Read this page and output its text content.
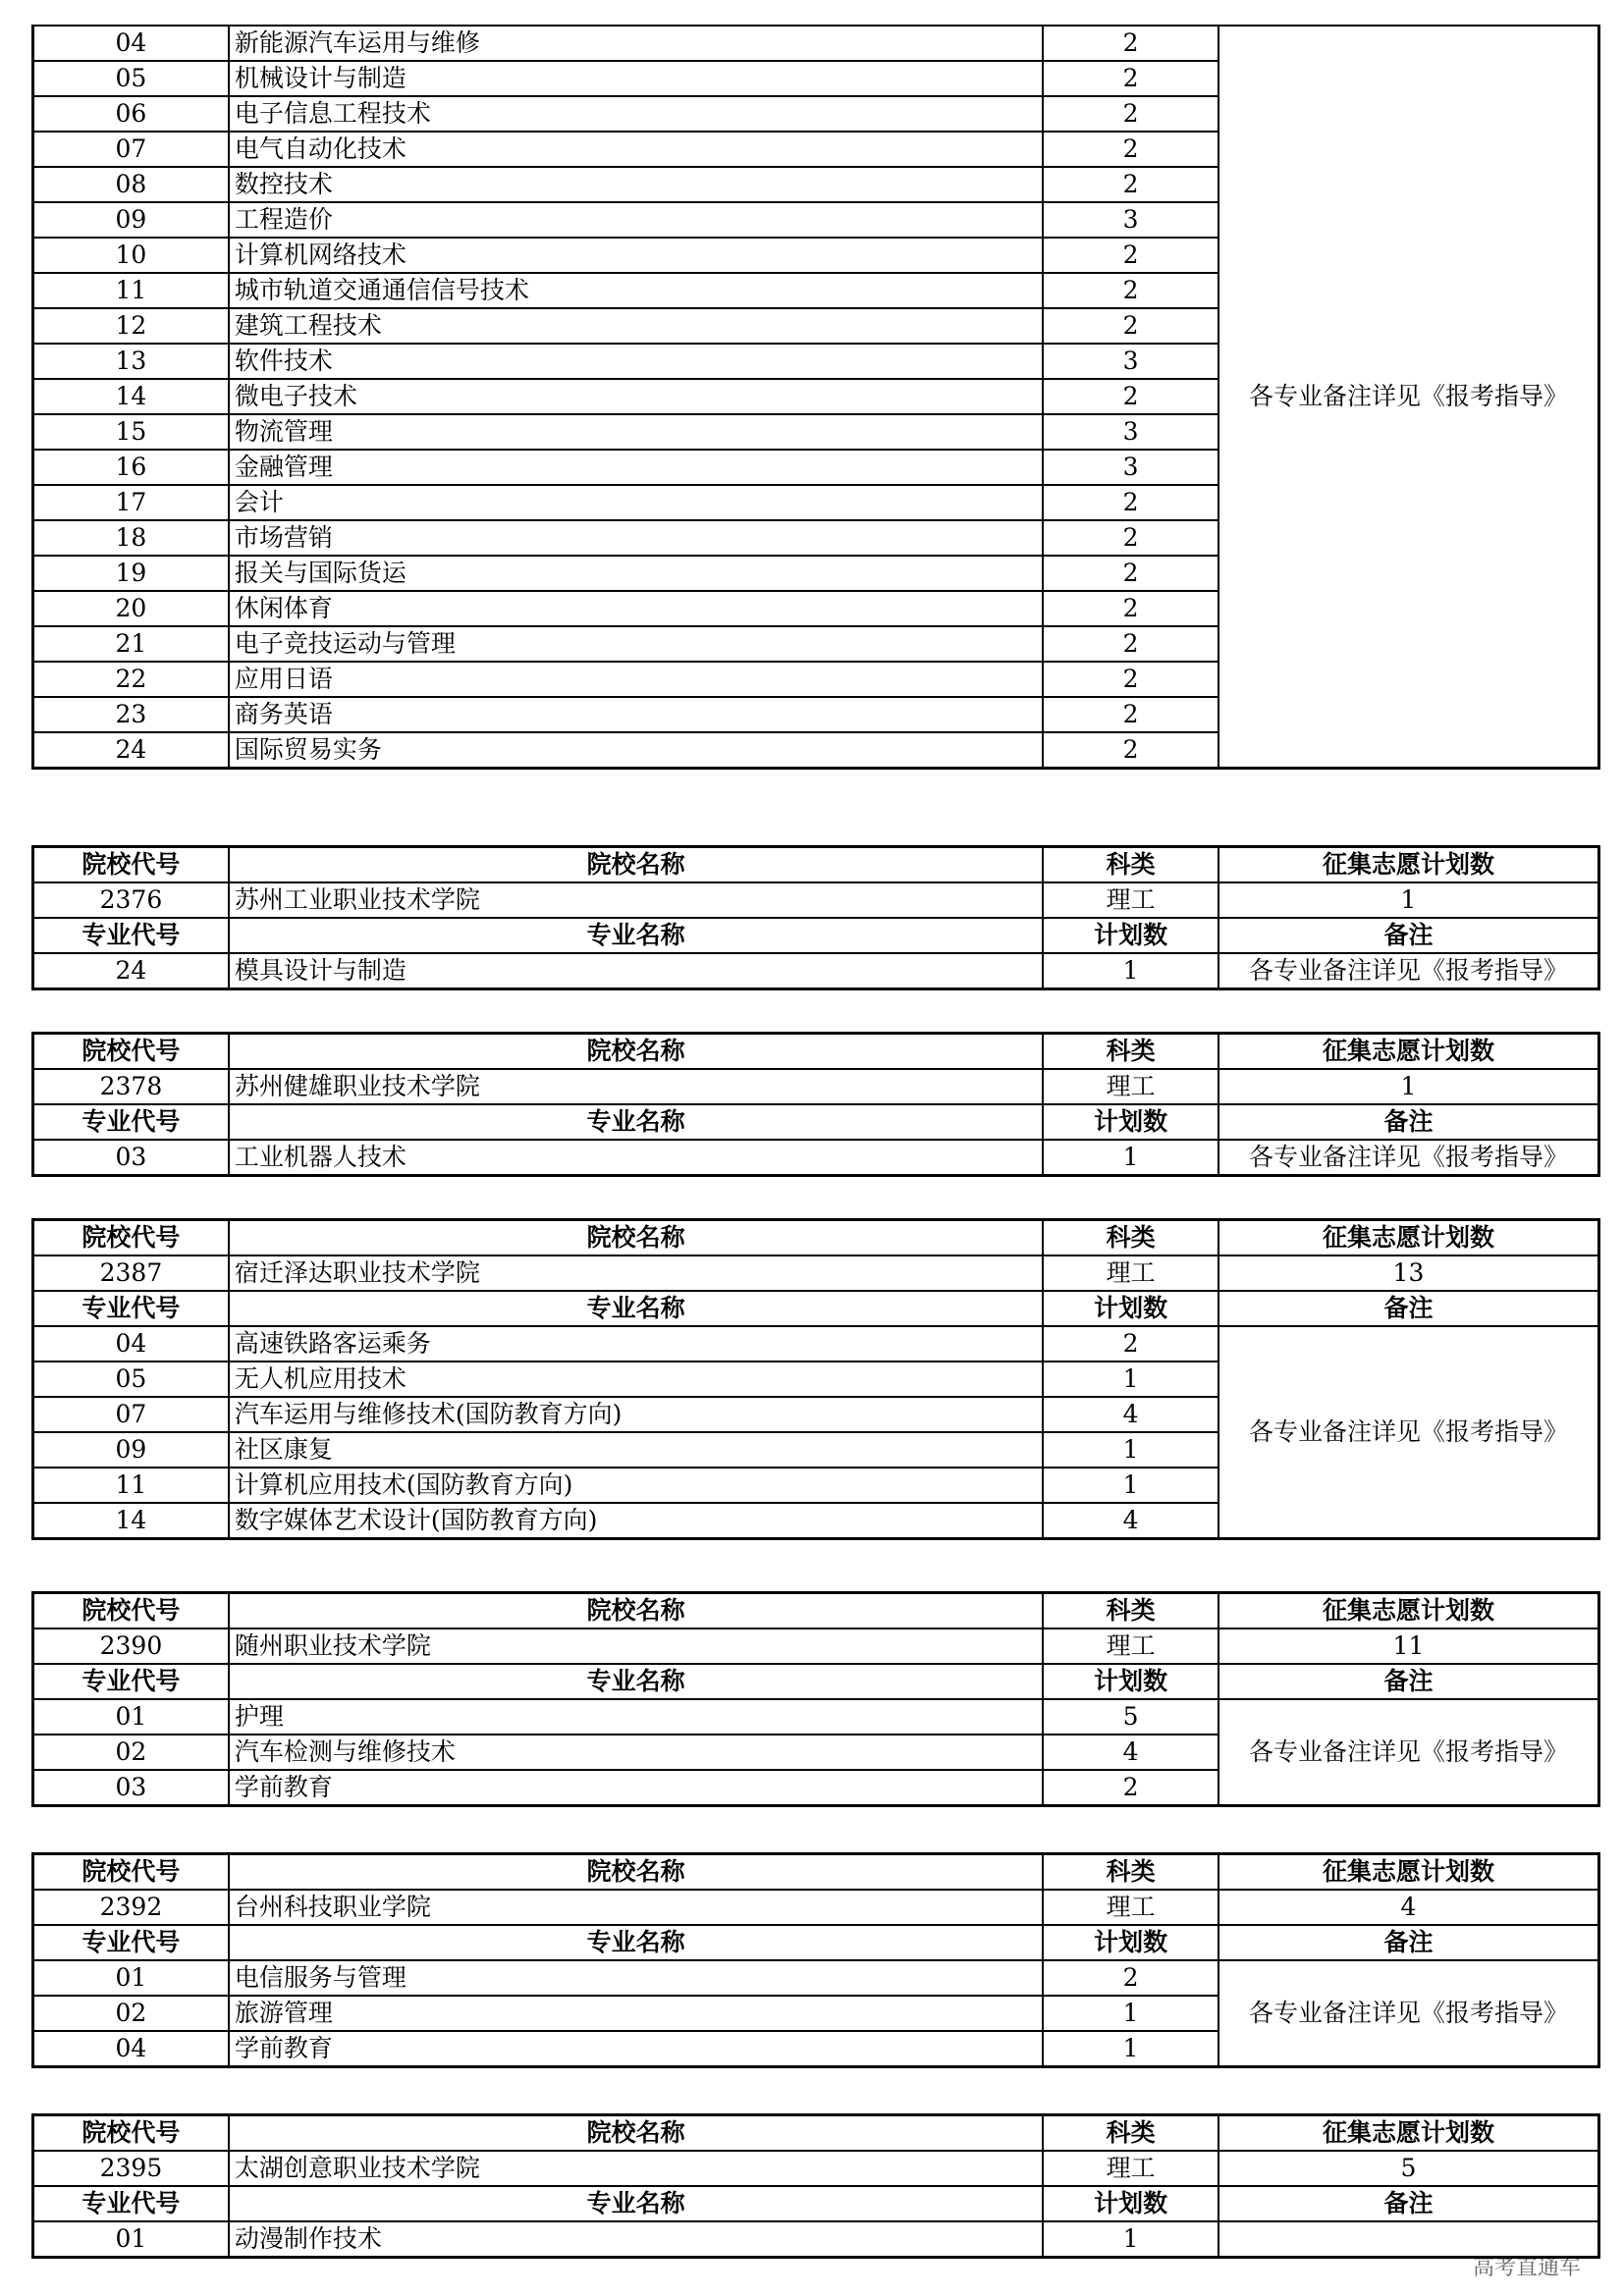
高考直通车
04	新能源汽车运用与维修	2	各专业备注详见《报考指导》
05	机械设计与制造	2	
06	电子信息工程技术	2	
07	电气自动化技术	2	
08	数控技术	2	
09	工程造价	3	
10	计算机网络技术	2	
11	城市轨道交通通信信号技术	2	
12	建筑工程技术	2	
13	软件技术	3	
14	微电子技术	2	
15	物流管理	3	
16	金融管理	3	
17	会计	2	
18	市场营销	2	
19	报关与国际货运	2	
20	休闲体育	2	
21	电子竞技运动与管理	2	
22	应用日语	2	
23	商务英语	2	
24	国际贸易实务	2	
院校代号	院校名称	科类	征集志愿计划数
2376	苏州工业职业技术学院	理工	1
专业代号	专业名称	计划数	备注
24	模具设计与制造	1	各专业备注详见《报考指导》
院校代号	院校名称	科类	征集志愿计划数
2378	苏州健雄职业技术学院	理工	1
专业代号	专业名称	计划数	备注
03	工业机器人技术	1	各专业备注详见《报考指导》
院校代号	院校名称	科类	征集志愿计划数
2387	宿迁泽达职业技术学院	理工	13
专业代号	专业名称	计划数	备注
04	高速铁路客运乘务	2	各专业备注详见《报考指导》
05	无人机应用技术	1	
07	汽车运用与维修技术(国防教育方向)	4	
09	社区康复	1	
11	计算机应用技术(国防教育方向)	1	
14	数字媒体艺术设计(国防教育方向)	4	
院校代号	院校名称	科类	征集志愿计划数
2390	随州职业技术学院	理工	11
专业代号	专业名称	计划数	备注
01	护理	5	各专业备注详见《报考指导》
02	汽车检测与维修技术	4	
03	学前教育	2	
院校代号	院校名称	科类	征集志愿计划数
2392	台州科技职业学院	理工	4
专业代号	专业名称	计划数	备注
01	电信服务与管理	2	各专业备注详见《报考指导》
02	旅游管理	1	
04	学前教育	1	
院校代号	院校名称	科类	征集志愿计划数
2395	太湖创意职业技术学院	理工	5
专业代号	专业名称	计划数	备注
01	动漫制作技术	1	
